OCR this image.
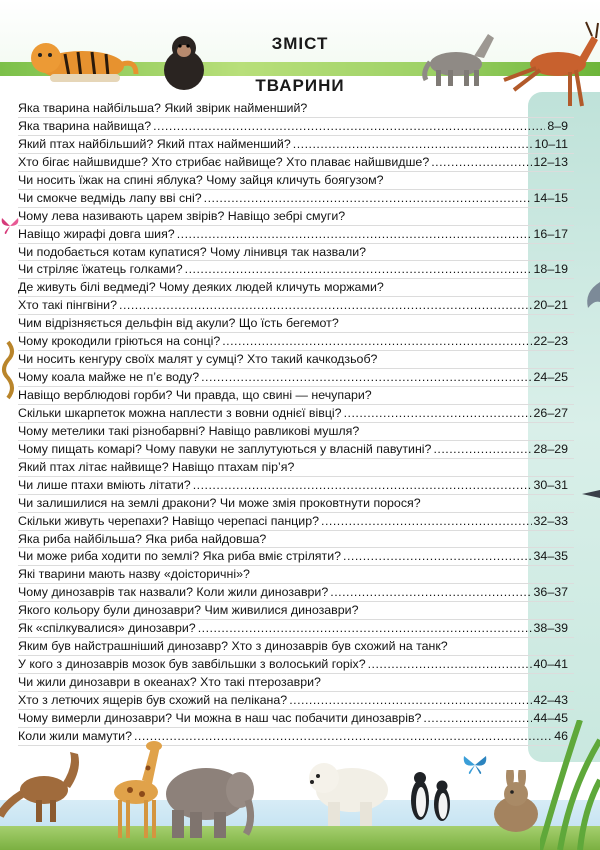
ЗМІСТ
ТВАРИНИ
Яка тварина найбільша? Який звірик найменший?
Яка тварина найвища? .....	8–9
Який птах найбільший? Який птах найменший? .....	10–11
Хто бігає найшвидше? Хто стрибає найвище? Хто плаває найшвидше? .....	12–13
Чи носить їжак на спині яблука? Чому зайця кличуть боягузом?
Чи смокче ведмідь лапу вві сні? .....	14–15
Чому лева називають царем звірів? Навіщо зебрі смуги?
Навіщо жирафі довга шия? .....	16–17
Чи подобається котам купатися? Чому лінивця так назвали?
Чи стріляє їжатець голками? .....	18–19
Де живуть білі ведмеді? Чому деяких людей кличуть моржами?
Хто такі пінгвіни? .....	20–21
Чим відрізняється дельфін від акули? Що їсть бегемот?
Чому крокодили гріються на сонці? .....	22–23
Чи носить кенгуру своїх малят у сумці? Хто такий качкодзьоб?
Чому коала майже не п’є воду? .....	24–25
Навіщо верблюдові горби? Чи правда, що свині — нечупари?
Скільки шкарпеток можна наплести з вовни однієї вівці? .....	26–27
Чому метелики такі різнобарвні? Навіщо равликові мушля?
Чому пищать комарі? Чому павуки не заплутуються у власній павутині? .....	28–29
Який птах літає найвище? Навіщо птахам пір’я?
Чи лише птахи вміють літати? .....	30–31
Чи залишилися на землі дракони? Чи може змія проковтнути порося?
Скільки живуть черепахи? Навіщо черепасі панцир? .....	32–33
Яка риба найбільша? Яка риба найдовша?
Чи може риба ходити по землі? Яка риба вміє стріляти? .....	34–35
Які тварини мають назву «доісторичні»?
Чому динозаврів так назвали? Коли жили динозаври? .....	36–37
Якого кольору були динозаври? Чим живилися динозаври?
Як «спілкувалися» динозаври? .....	38–39
Яким був найстрашніший динозавр? Хто з динозаврів був схожий на танк?
У кого з динозаврів мозок був завбільшки з волоський горіх? .....	40–41
Чи жили динозаври в океанах? Хто такі птерозаври?
Хто з летючих ящерів був схожий на пелікана? .....	42–43
Чому вимерли динозаври? Чи можна в наш час побачити динозаврів? .....	44–45
Коли жили мамути? .....	46
